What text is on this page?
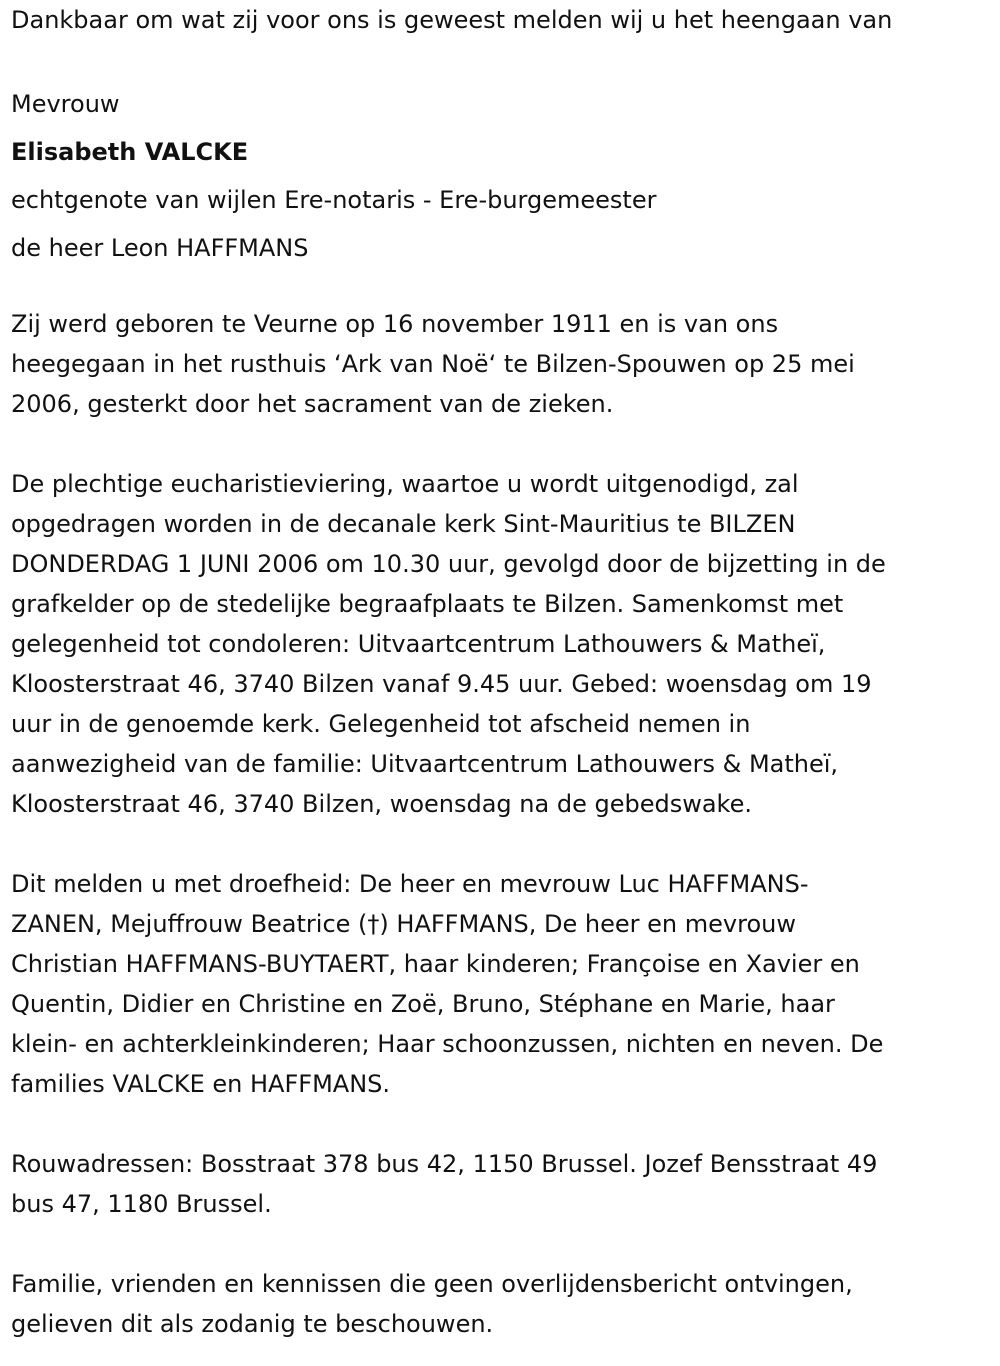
Dankbaar om wat zij voor ons is geweest melden wij u het heengaan van

Mevrouw

Elisabeth VALCKE

echtgenote van wijlen Ere-notaris - Ere-burgemeester

de heer Leon HAFFMANS

Zij werd geboren te Veurne op 16 november 1911 en is van ons
heegegaan in het rusthuis ‘Ark van Noë‘ te Bilzen-Spouwen op 25 mei
2006, gesterkt door het sacrament van de zieken.
De plechtige eucharistieviering, waartoe u wordt uitgenodigd, zal
opgedragen worden in de decanale kerk Sint-Mauritius te BILZEN
DONDERDAG 1 JUNI 2006 om 10.30 uur, gevolgd door de bijzetting in de
grafkelder op de stedelijke begraafplaats te Bilzen. Samenkomst met
gelegenheid tot condoleren: Uitvaartcentrum Lathouwers & Matheï,
Kloosterstraat 46, 3740 Bilzen vanaf 9.45 uur. Gebed: woensdag om 19
uur in de genoemde kerk. Gelegenheid tot afscheid nemen in
aanwezigheid van de familie: Uitvaartcentrum Lathouwers & Matheï,
Kloosterstraat 46, 3740 Bilzen, woensdag na de gebedswake.
Dit melden u met droefheid: De heer en mevrouw Luc HAFFMANS-
ZANEN, Mejuffrouw Beatrice (†) HAFFMANS, De heer en mevrouw
Christian HAFFMANS-BUYTAERT, haar kinderen; Françoise en Xavier en
Quentin, Didier en Christine en Zoë, Bruno, Stéphane en Marie, haar
klein- en achterkleinkinderen; Haar schoonzussen, nichten en neven. De
families VALCKE en HAFFMANS.
Rouwadressen: Bosstraat 378 bus 42, 1150 Brussel. Jozef Bensstraat 49
bus 47, 1180 Brussel.
Familie, vrienden en kennissen die geen overlijdensbericht ontvingen,
gelieven dit als zodanig te beschouwen.
